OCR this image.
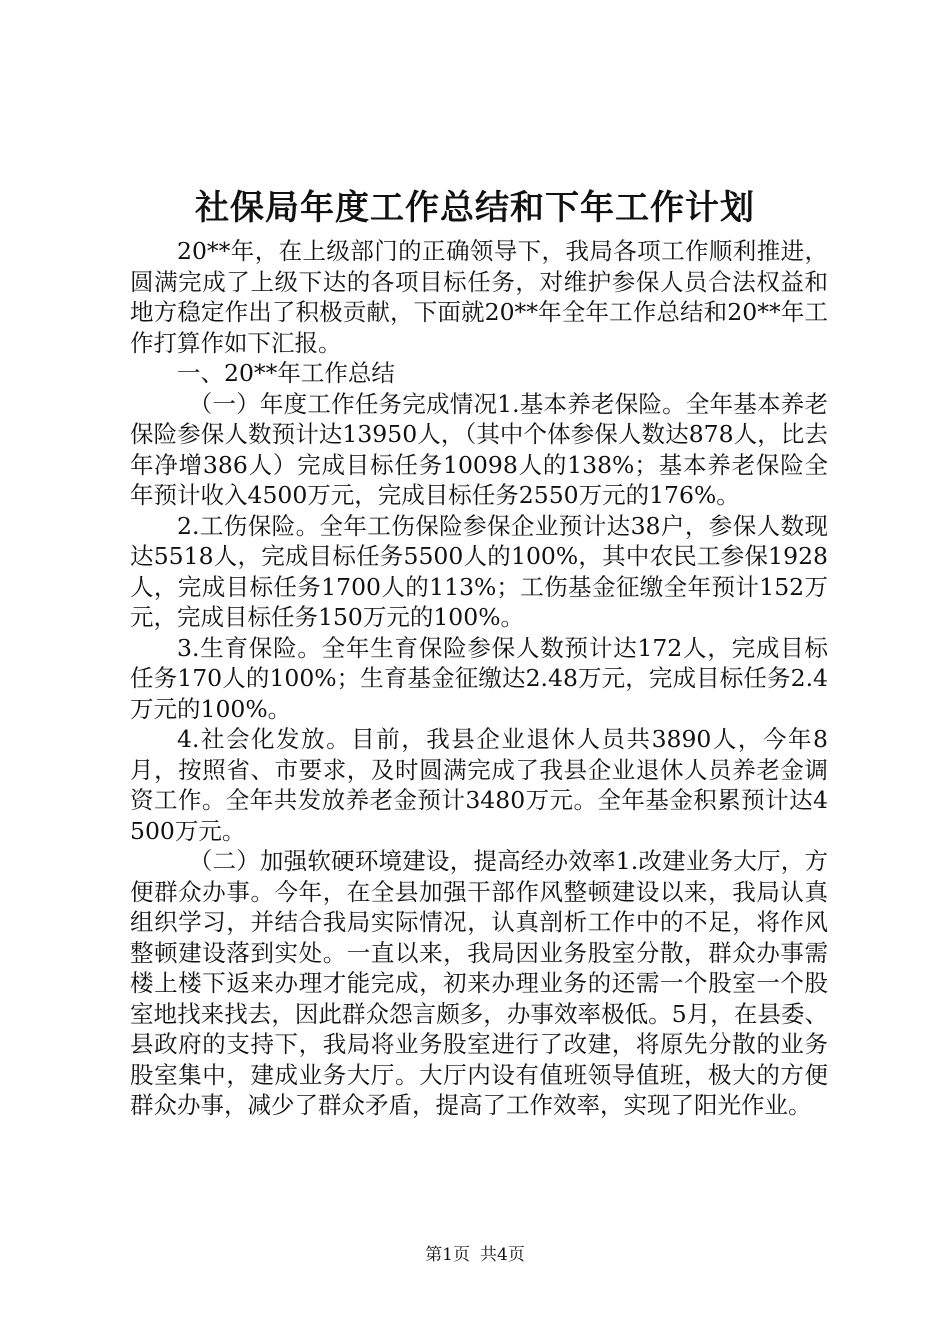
社保局年度工作总结和下年工作计划

20**年，在上级部门的正确领导下，我局各项工作顺利推进，圆满完成了上级下达的各项目标任务，对维护参保人员合法权益和地方稳定作出了积极贡献，下面就20**年全年工作总结和20**年工作打算作如下汇报。

一、20**年工作总结

（一）年度工作任务完成情况1.基本养老保险。全年基本养老保险参保人数预计达13950人，（其中个体参保人数达878人，比去年净增386人）完成目标任务10098人的138%；基本养老保险全年预计收入4500万元，完成目标任务2550万元的176%。

2.工伤保险。全年工伤保险参保企业预计达38户，参保人数现达5518人，完成目标任务5500人的100%，其中农民工参保1928人，完成目标任务1700人的113%；工伤基金征缴全年预计152万元，完成目标任务150万元的100%。

3.生育保险。全年生育保险参保人数预计达172人，完成目标任务170人的100%；生育基金征缴达2.48万元，完成目标任务2.4万元的100%。

4.社会化发放。目前，我县企业退休人员共3890人，今年8月，按照省、市要求，及时圆满完成了我县企业退休人员养老金调资工作。全年共发放养老金预计3480万元。全年基金积累预计达4500万元。

（二）加强软硬环境建设，提高经办效率1.改建业务大厅，方便群众办事。今年，在全县加强干部作风整顿建设以来，我局认真组织学习，并结合我局实际情况，认真剖析工作中的不足，将作风整顿建设落到实处。一直以来，我局因业务股室分散，群众办事需楼上楼下返来办理才能完成，初来办理业务的还需一个股室一个股室地找来找去，因此群众怨言颇多，办事效率极低。5月，在县委、县政府的支持下，我局将业务股室进行了改建，将原先分散的业务股室集中，建成业务大厅。大厅内设有值班领导值班，极大的方便群众办事，减少了群众矛盾，提高了工作效率，实现了阳光作业。

第1页 共4页
